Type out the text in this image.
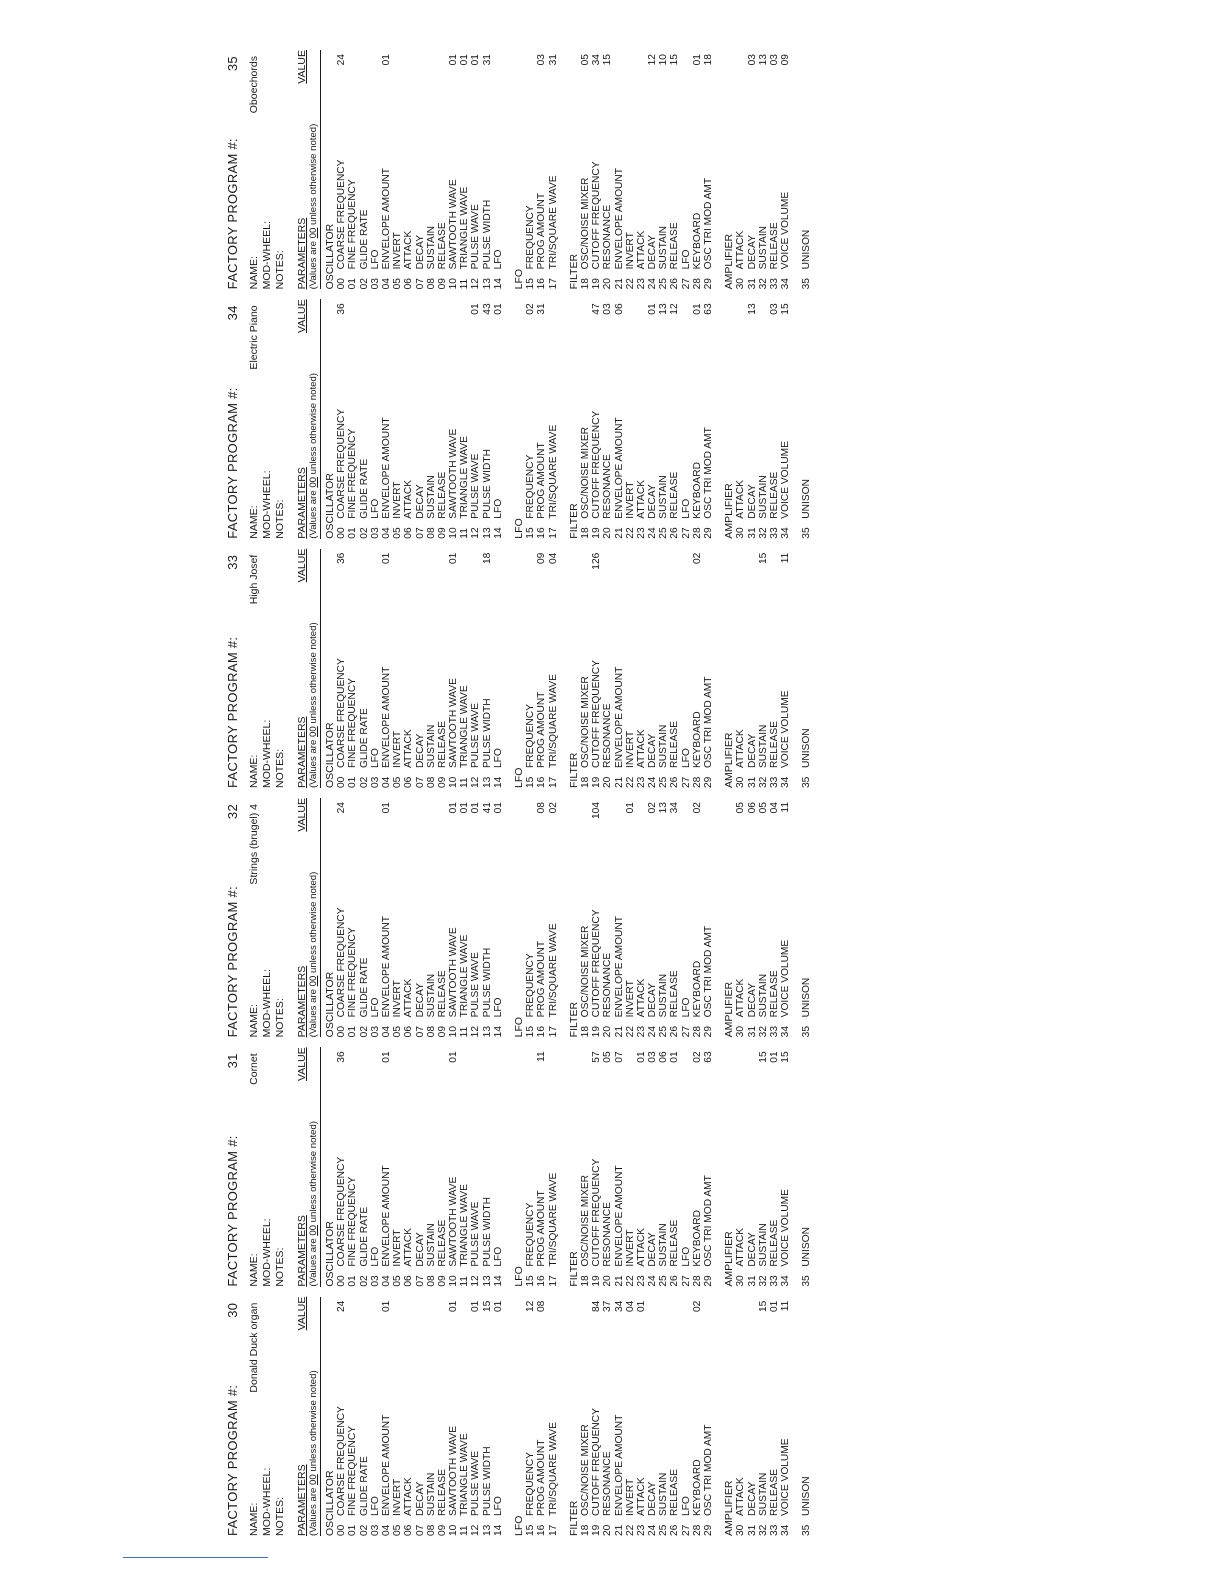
FACTORY PROGRAM #:
30
NAME: MOD-WHEEL: NOTES:
Donald Duck organ
PARAMETERS
VALUE
(Values are 00 unless otherwise noted)
OSCILLATOR 00
COARSE FREQUENCY
24
01
FINE FREQUENCY
02
GLIDE RATE
03
LFO
04
ENVELOPE AMOUNT
01
05
INVERT
06
ATTACK
07
DECAY
08
SUSTAIN
09
RELEASE
10
SAWTOOTH WAVE
01
11
TRIANGLE WAVE
12
PULSE WAVE
01
13
PULSE WIDTH
15
14
LFO
01
LFO 15
FREQUENCY
12
16
PROG AMOUNT
08
17
TRI/SQUARE WAVE
FILTER 18
OSC/NOISE MIXER
19
CUTOFF FREQUENCY
84
20
RESONANCE
37
21
ENVELOPE AMOUNT
34
22
INVERT
04
23
ATTACK
01
24
DECAY
25
SUSTAIN
26
RELEASE
27
LFO
28
KEYBOARD
02
29
OSC TRI MOD AMT AMPLIFIER 30
ATTACK
31
DECAY
32
SUSTAIN
15
33
RELEASE
01
34
VOICE VOLUME
11
35
UNISON
FACTORY PROGRAM #:
31
NAME: MOD-WHEEL: NOTES:
Cornet
PARAMETERS
VALUE
(Values are 00 unless otherwise noted)
OSCILLATOR 00
COARSE FREQUENCY
36
01
FINE FREQUENCY
02
GLIDE RATE
03
LFO
04
ENVELOPE AMOUNT
01
05
INVERT
06
ATTACK
07
DECAY
08
SUSTAIN
09
RELEASE
10
SAWTOOTH WAVE
01
11
TRIANGLE WAVE
12
PULSE WAVE
13
PULSE WIDTH
14
LFO
LFO 15
FREQUENCY
16
PROG AMOUNT
11
17
TRI/SQUARE WAVE
FILTER 18
OSC/NOISE MIXER
19
CUTOFF FREQUENCY
57
20
RESONANCE
05
21
ENVELOPE AMOUNT
07
22
INVERT
23
ATTACK
01
24
DECAY
03
25
SUSTAIN
06
26
RELEASE
01
27
LFO
28
KEYBOARD
02
29
OSC TRI MOD AMT
63
AMPLIFIER 30
ATTACK
31
DECAY
32
SUSTAIN
15
33
RELEASE
01
34
VOICE VOLUME
15
35
UNISON
FACTORY PROGRAM #:
32
NAME: MOD-WHEEL: NOTES:
Strings (brugel) 4
PARAMETERS
VALUE
(Values are 00 unless otherwise noted)
OSCILLATOR 00
COARSE FREQUENCY
24
01
FINE FREQUENCY
02
GLIDE RATE
03
LFO
04
ENVELOPE AMOUNT
01
05
INVERT
06
ATTACK
07
DECAY
08
SUSTAIN
09
RELEASE
10
SAWTOOTH WAVE
01
11
TRIANGLE WAVE
01
12
PULSE WAVE
01
13
PULSE WIDTH
41
14
LFO
01
LFO 15
FREQUENCY
16
PROG AMOUNT
08
17
TRI/SQUARE WAVE
02
FILTER 18
OSC/NOISE MIXER
19
CUTOFF FREQUENCY
104
20
RESONANCE
21
ENVELOPE AMOUNT
22
INVERT
01
23
ATTACK
24
DECAY
02
25
SUSTAIN
13
26
RELEASE
34
27
LFO
28
KEYBOARD
02
29
OSC TRI MOD AMT AMPLIFIER 30
ATTACK
05
31
DECAY
06
32
SUSTAIN
05
33
RELEASE
04
34
VOICE VOLUME
11
35
UNISON
FACTORY PROGRAM #:
33
NAME: MOD-WHEEL: NOTES:
High Josef
PARAMETERS
VALUE
(Values are 00 unless otherwise noted)
OSCILLATOR 00
COARSE FREQUENCY
36
01
FINE FREQUENCY
02
GLIDE RATE
03
LFO
04
ENVELOPE AMOUNT
01
05
INVERT
06
ATTACK
07
DECAY
08
SUSTAIN
09
RELEASE
10
SAWTOOTH WAVE
01
11
TRIANGLE WAVE
12
PULSE WAVE
13
PULSE WIDTH
18
14
LFO
LFO 15
FREQUENCY
16
PROG AMOUNT
09
17
TRI/SQUARE WAVE
04
FILTER 18
OSC/NOISE MIXER
19
CUTOFF FREQUENCY
126
20
RESONANCE
21
ENVELOPE AMOUNT
22
INVERT
23
ATTACK
24
DECAY
25
SUSTAIN
26
RELEASE
27
LFO
28
KEYBOARD
02
29
OSC TRI MOD AMT AMPLIFIER 30
ATTACK
31
DECAY
32
SUSTAIN
15
33
RELEASE
34
VOICE VOLUME
11
35
UNISON
FACTORY PROGRAM #:
34
NAME: MOD-WHEEL: NOTES:
Electric Piano
PARAMETERS
VALUE
(Values are 00 unless otherwise noted)
OSCILLATOR 00
COARSE FREQUENCY
36
01
FINE FREQUENCY
02
GLIDE RATE
03
LFO
04
ENVELOPE AMOUNT
05
INVERT
06
ATTACK
07
DECAY
08
SUSTAIN
09
RELEASE
10
SAWTOOTH WAVE
11
TRIANGLE WAVE
12
PULSE WAVE
01
13
PULSE WIDTH
43
14
LFO
01
LFO 15
FREQUENCY
02
16
PROG AMOUNT
31
17
TRI/SQUARE WAVE
FILTER 18
OSC/NOISE MIXER
19
CUTOFF FREQUENCY
47
20
RESONANCE
03
21
ENVELOPE AMOUNT
06
22
INVERT
23
ATTACK
24
DECAY
01
25
SUSTAIN
13
26
RELEASE
12
27
LFO
28
KEYBOARD
01
29
OSC TRI MOD AMT
63
AMPLIFIER 30
ATTACK
31
DECAY
13
32
SUSTAIN
33
RELEASE
03
34
VOICE VOLUME
15
35
UNISON
FACTORY PROGRAM #:
35
NAME: MOD-WHEEL: NOTES:
Oboechords
PARAMETERS
VALUE
(Values are 00 unless otherwise noted)
OSCILLATOR 00
COARSE FREQUENCY
24
01
FINE FREQUENCY
02
GLIDE RATE
03
LFO
04
ENVELOPE AMOUNT
01
05
INVERT
06
ATTACK
07
DECAY
08
SUSTAIN
09
RELEASE
10
SAWTOOTH WAVE
01
11
TRIANGLE WAVE
01
12
PULSE WAVE
01
13
PULSE WIDTH
31
14
LFO
LFO 15
FREQUENCY
16
PROG AMOUNT
03
17
TRI/SQUARE WAVE
31
FILTER 18
OSC/NOISE MIXER
05
19
CUTOFF FREQUENCY
34
20
RESONANCE
15
21
ENVELOPE AMOUNT
22
INVERT
23
ATTACK
24
DECAY
12
25
SUSTAIN
10
26
RELEASE
15
27
LFO
28
KEYBOARD
01
29
OSC TRI MOD AMT
18
AMPLIFIER 30
ATTACK
31
DECAY
03
32
SUSTAIN
13
33
RELEASE
03
34
VOICE VOLUME
09
35
UNISON
